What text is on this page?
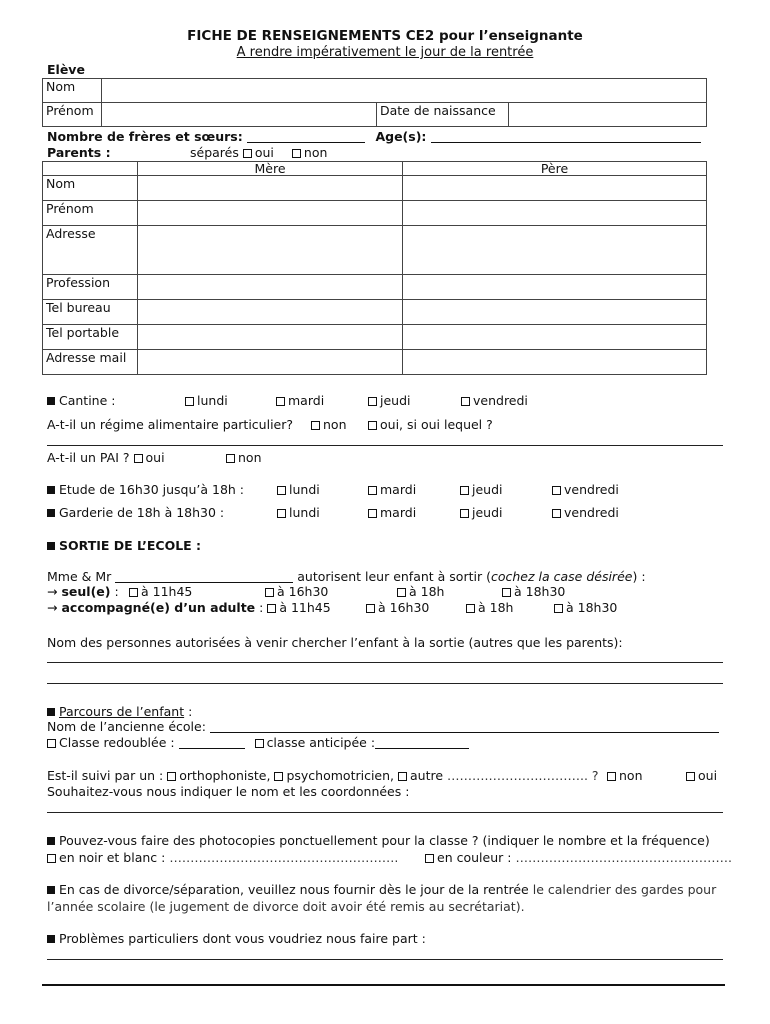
FICHE DE RENSEIGNEMENTS CE2 pour l’enseignante
A rendre impérativement le jour de la rentrée
Elève
Nom			
Prénom		Date de naissance	
Nombre de frères et sœurs:	Age(s):
Parents :	séparés oui non
	Mère	Père
Nom		
Prénom		
Adresse		
Profession		
Tel bureau		
Tel portable		
Adresse mail		
Cantine :	lundi	mardi	jeudi	vendredi
A-t-il un régime alimentaire particulier?	non	oui, si oui lequel ?
A-t-il un PAI ? oui	non
Etude de 16h30 jusqu’à 18h :	lundi	mardi	jeudi	vendredi
Garderie de 18h à 18h30 :	lundi	mardi	jeudi	vendredi
SORTIE DE L’ECOLE :
Mme & Mr	autorisent leur enfant à sortir (cochez la case désirée) :
→ seul(e) :	à 11h45	à 16h30	à 18h	à 18h30
→ accompagné(e) d’un adulte : à 11h45	à 16h30	à 18h	à 18h30
Nom des personnes autorisées à venir chercher l’enfant à la sortie (autres que les parents):
Parcours de l’enfant :
Nom de l’ancienne école:
Classe redoublée :	classe anticipée :
Est-il suivi par un : orthophoniste, psychomotricien, autre ……….………….……….. ?	non	oui
Souhaitez-vous nous indiquer le nom et les coordonnées :
Pouvez-vous faire des photocopies ponctuellement pour la classe ? (indiquer le nombre et la fréquence)
en noir et blanc : ……………………………………………….	en couleur : …………………………………………….
En cas de divorce/séparation, veuillez nous fournir dès le jour de la rentrée le calendrier des gardes pour
l’année scolaire (le jugement de divorce doit avoir été remis au secrétariat).
Problèmes particuliers dont vous voudriez nous faire part :
